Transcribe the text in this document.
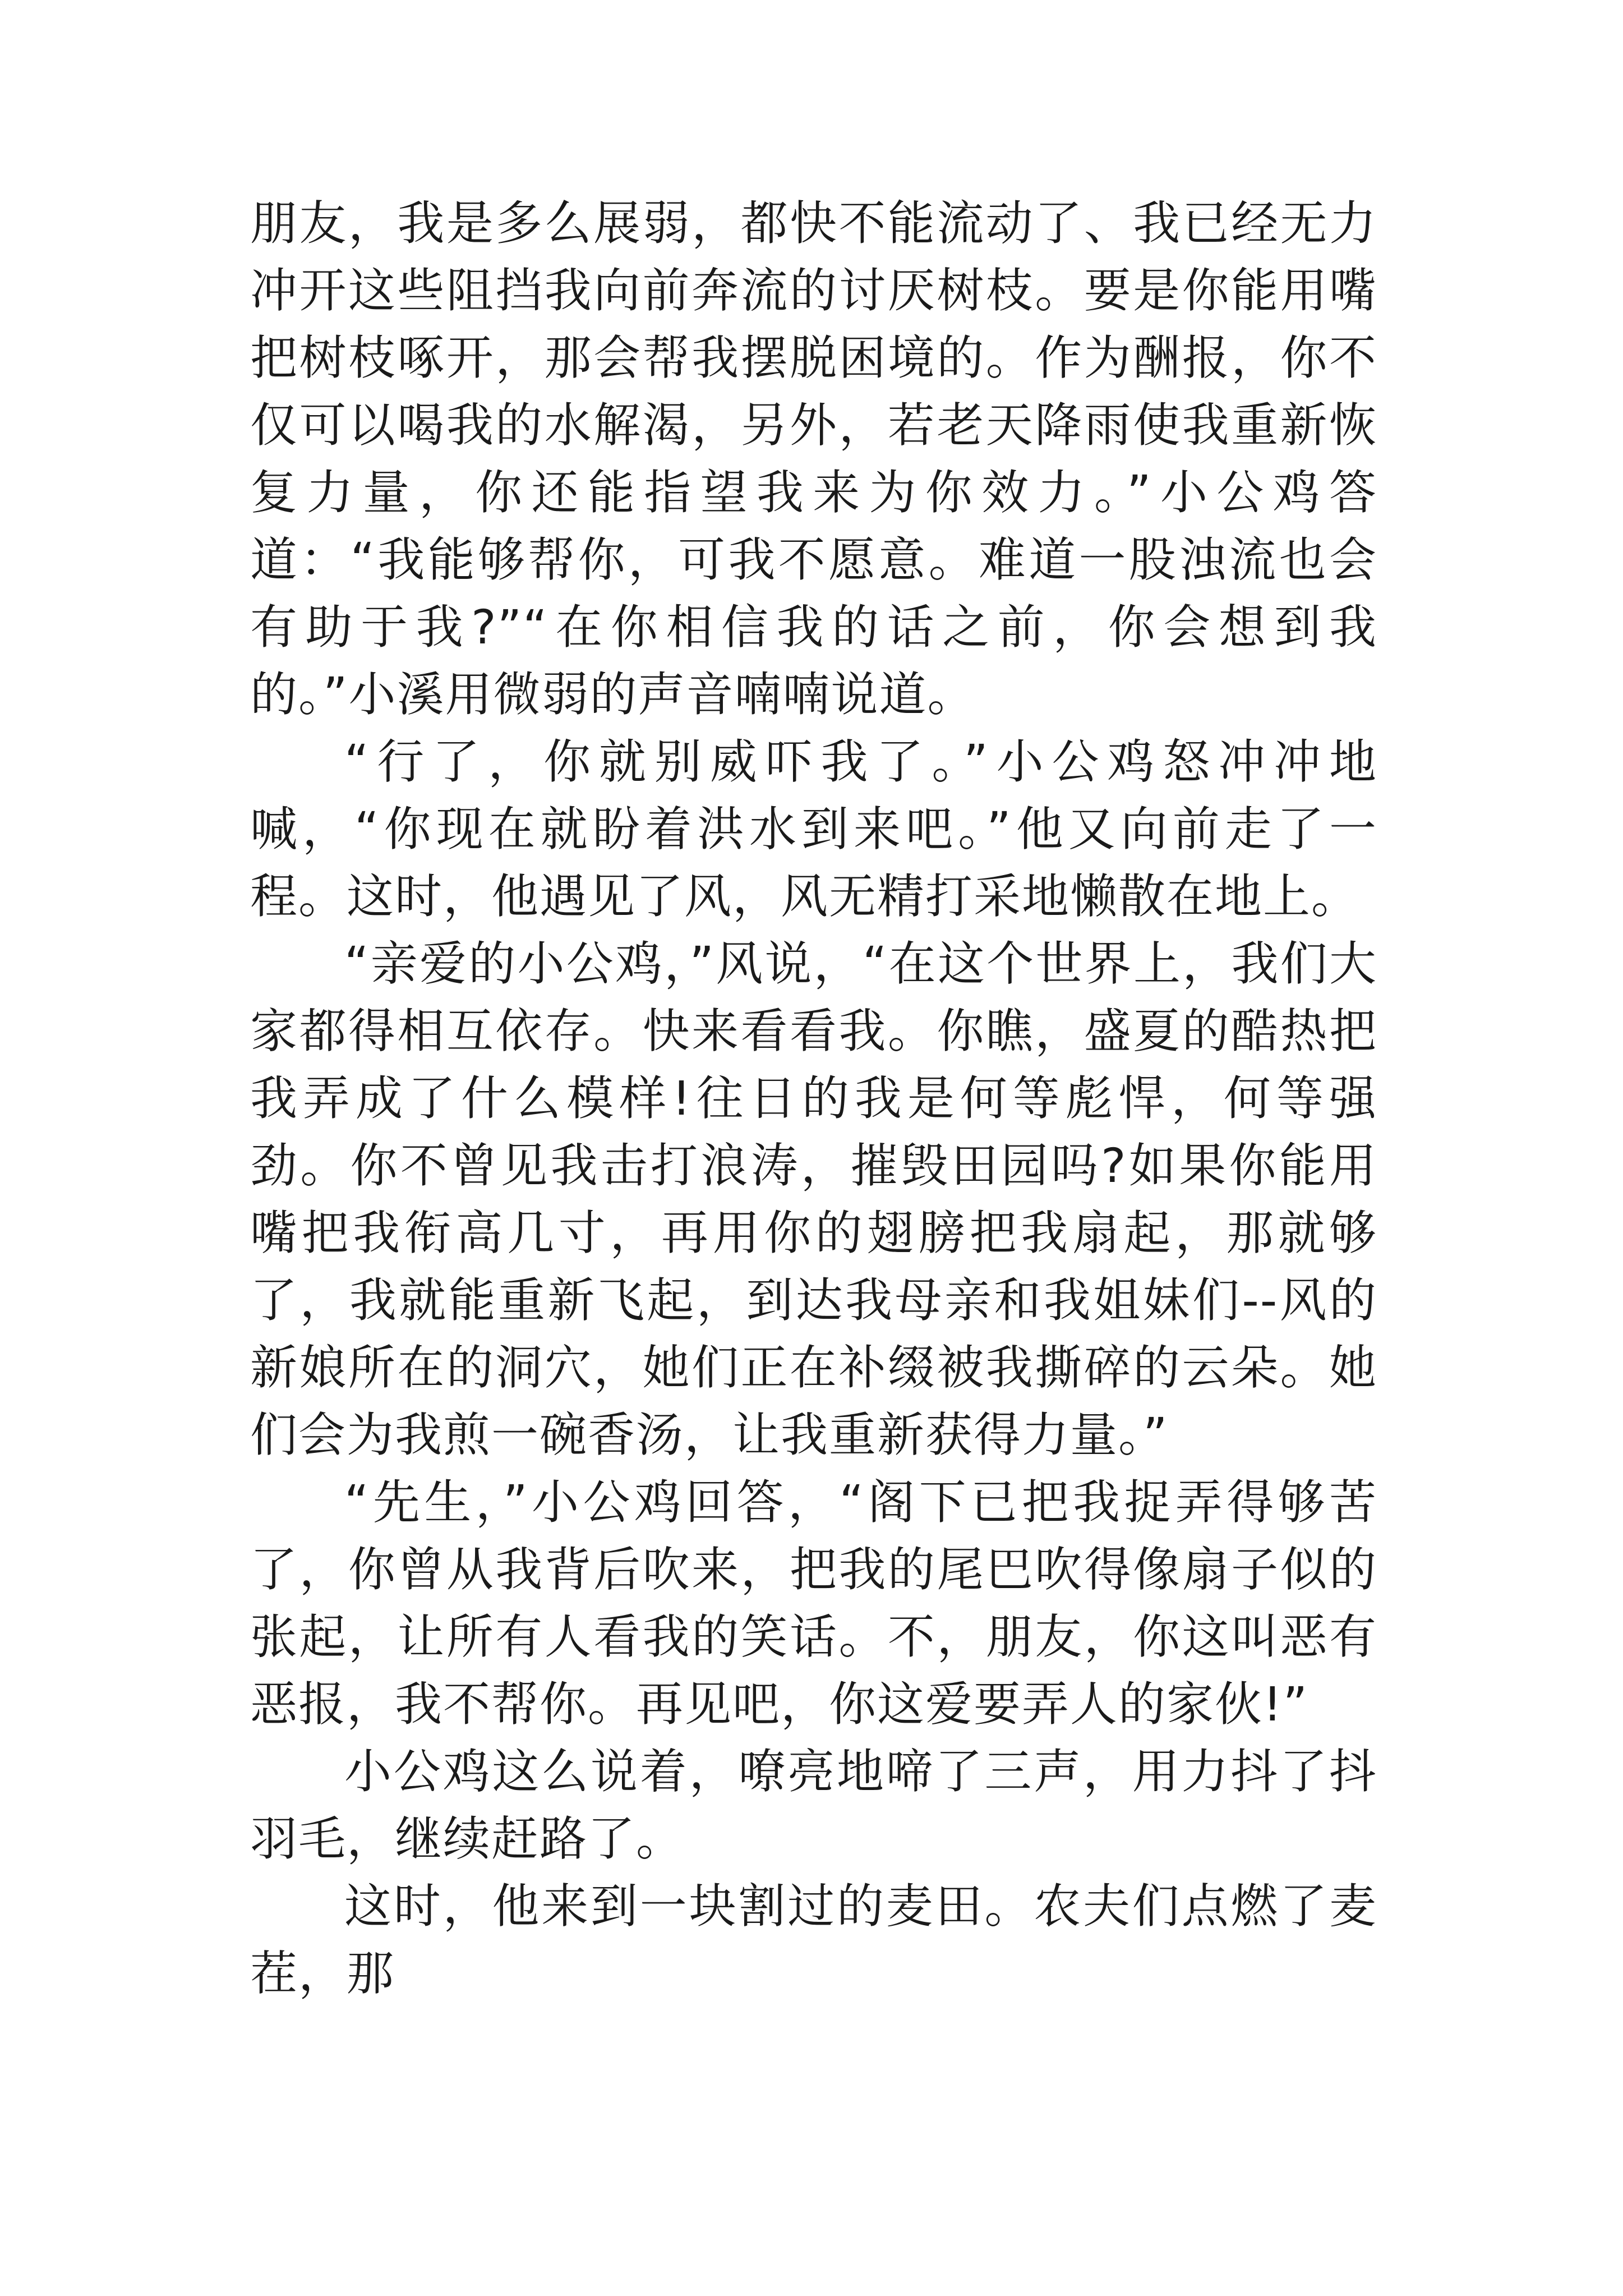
朋友，我是多么展弱，都快不能流动了、我已经无力冲开这些阻挡我向前奔流的讨厌树枝。要是你能用嘴把树枝啄开，那会帮我摆脱困境的。作为酬报，你不仅可以喝我的水解渴，另外，若老天降雨使我重新恢复力量，你还能指望我来为你效力。”小公鸡答道：“我能够帮你，可我不愿意。难道一股浊流也会有助于我?”“在你相信我的话之前，你会想到我的。”小溪用微弱的声音喃喃说道。

“行了，你就别威吓我了。”小公鸡怒冲冲地喊，“你现在就盼着洪水到来吧。”他又向前走了一程。这时，他遇见了风，风无精打采地懒散在地上。

“亲爱的小公鸡，”风说，“在这个世界上，我们大家都得相互依存。快来看看我。你瞧，盛夏的酷热把我弄成了什么模样!往日的我是何等彪悍，何等强劲。你不曾见我击打浪涛，摧毁田园吗?如果你能用嘴把我衔高几寸，再用你的翅膀把我扇起，那就够了，我就能重新飞起，到达我母亲和我姐妹们--风的新娘所在的洞穴，她们正在补缀被我撕碎的云朵。她们会为我煎一碗香汤，让我重新获得力量。”

“先生，”小公鸡回答，“阁下已把我捉弄得够苦了，你曾从我背后吹来，把我的尾巴吹得像扇子似的张起，让所有人看我的笑话。不，朋友，你这叫恶有恶报，我不帮你。再见吧，你这爱要弄人的家伙!”

小公鸡这么说着，嘹亮地啼了三声，用力抖了抖羽毛，继续赶路了。

这时，他来到一块割过的麦田。农夫们点燃了麦茬，那
